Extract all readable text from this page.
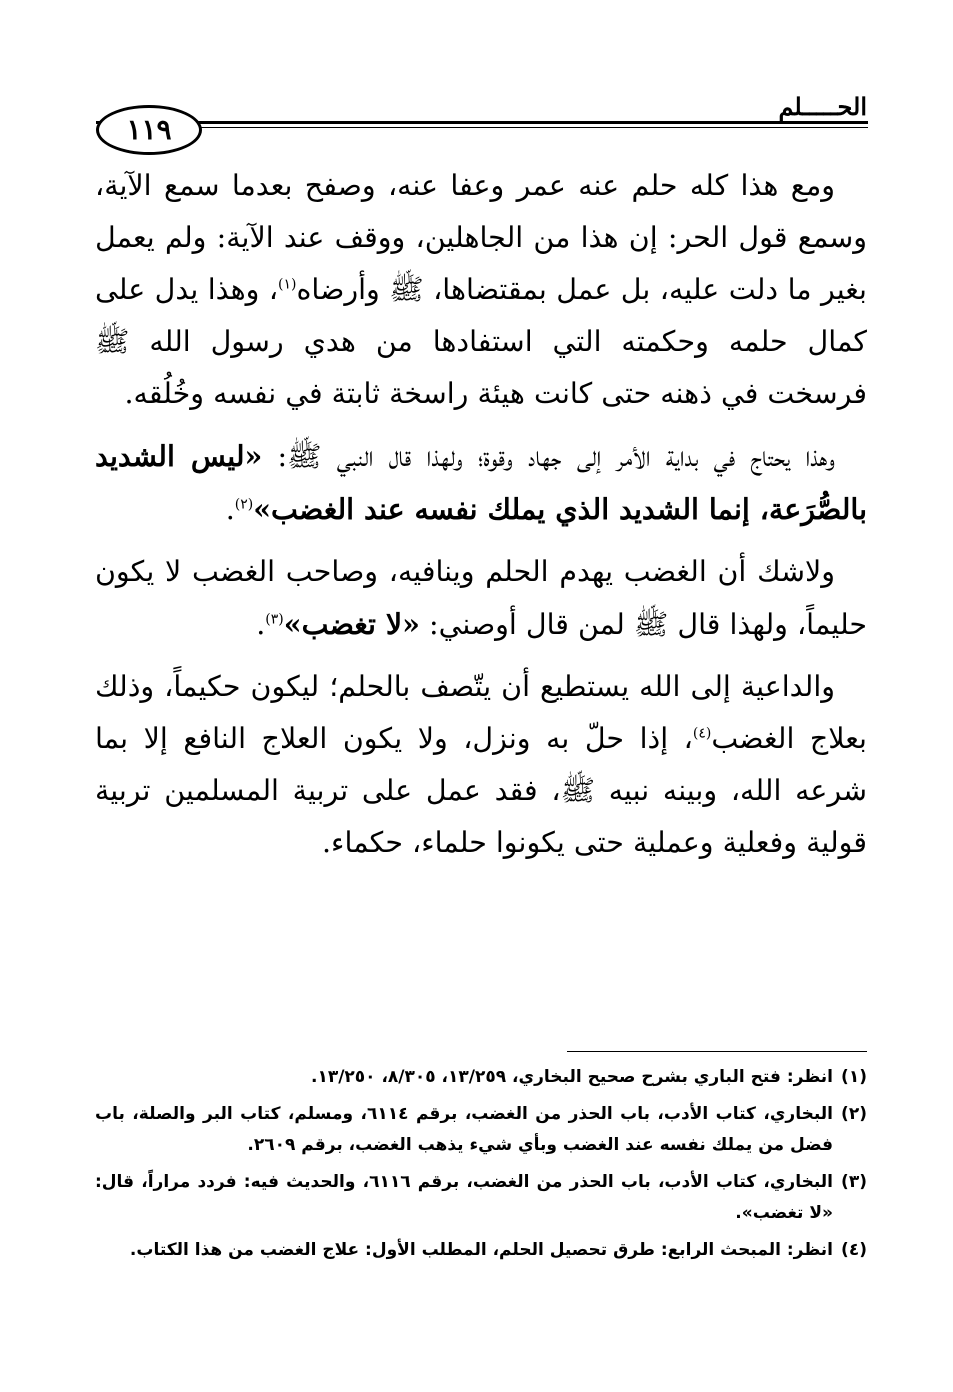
الحـــــلم
١١٩

ومع هذا كله حلم عنه عمر وعفا عنه، وصفح بعدما سمع الآية، وسمع قول الحر: إن هذا من الجاهلين، ووقف عند الآية: ولم يعمل بغير ما دلت عليه، بل عمل بمقتضاها، ﷺ وأرضاه$^{(١)}$، وهذا يدل على كمال حلمه وحكمته التي استفادها من هدي رسول الله ﷺ فرسخت في ذهنه حتى كانت هيئة راسخة ثابتة في نفسه وخُلُقه.

وهذا يحتاج في بداية الأمر إلى جهاد وقوة؛ ولهذا قال النبي ﷺ: «ليس الشديد بالصُّرَعة، إنما الشديد الذي يملك نفسه عند الغضب»$^{(٢)}$.

ولاشك أن الغضب يهدم الحلم وينافيه، وصاحب الغضب لا يكون حليماً، ولهذا قال ﷺ لمن قال أوصني: «لا تغضب»$^{(٣)}$.

والداعية إلى الله يستطيع أن يتّصف بالحلم؛ ليكون حكيماً، وذلك بعلاج الغضب$^{(٤)}$، إذا حلّ به ونزل، ولا يكون العلاج النافع إلا بما شرعه الله، وبينه نبيه ﷺ، فقد عمل على تربية المسلمين تربية قولية وفعلية وعملية حتى يكونوا حلماء، حكماء.

(١)انظر: فتح الباري بشرح صحيح البخاري، ١٣/٢٥٩، ٨/٣٠٥، ١٣/٢٥٠.
(٢)البخاري، كتاب الأدب، باب الحذر من الغضب، برقم ٦١١٤، ومسلم، كتاب البر والصلة، باب فضل من يملك نفسه عند الغضب وبأي شيء يذهب الغضب، برقم ٢٦٠٩.
(٣)البخاري، كتاب الأدب، باب الحذر من الغضب، برقم ٦١١٦، والحديث فيه: فردد مراراً، قال: «لا تغضب».
(٤)انظر: المبحث الرابع: طرق تحصيل الحلم، المطلب الأول: علاج الغضب من هذا الكتاب.
